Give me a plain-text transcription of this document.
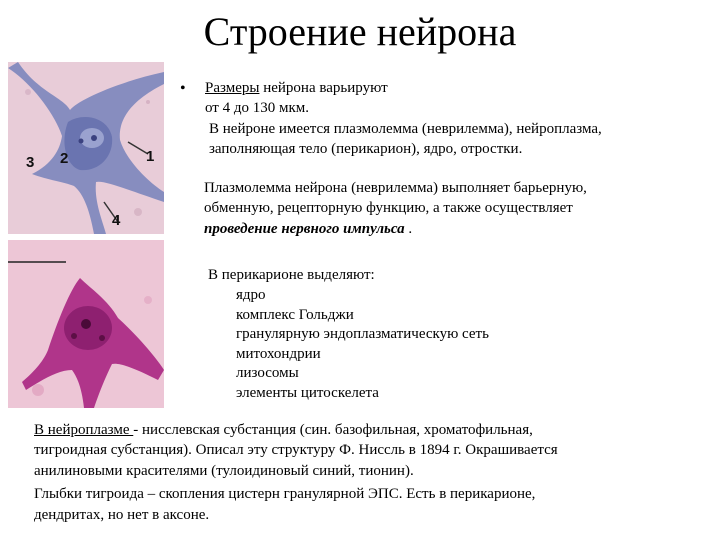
Строение нейрона
1
2
3
4
• Размеры нейрона варьируют
от 4 до 130 мкм.
В нейроне имеется плазмолемма (неврилемма), нейроплазма,
заполняющая тело (перикарион), ядро, отростки.
Плазмолемма нейрона (неврилемма) выполняет барьерную,
обменную, рецепторную функцию, а также осуществляет
проведение нервного импульса .
В перикарионе выделяют:
ядро
комплекс Гольджи
гранулярную эндоплазматическую сеть
митохондрии
лизосомы
элементы цитоскелета
В нейроплазме - нисслевская субстанция (син. базофильная, хроматофильная,
тигроидная субстанция). Описал эту структуру Ф. Ниссль в 1894 г. Окрашивается
анилиновыми красителями (тулоидиновый синий, тионин).
Глыбки тигроида – скопления цистерн гранулярной ЭПС. Есть в перикарионе,
дендритах, но нет в аксоне.
